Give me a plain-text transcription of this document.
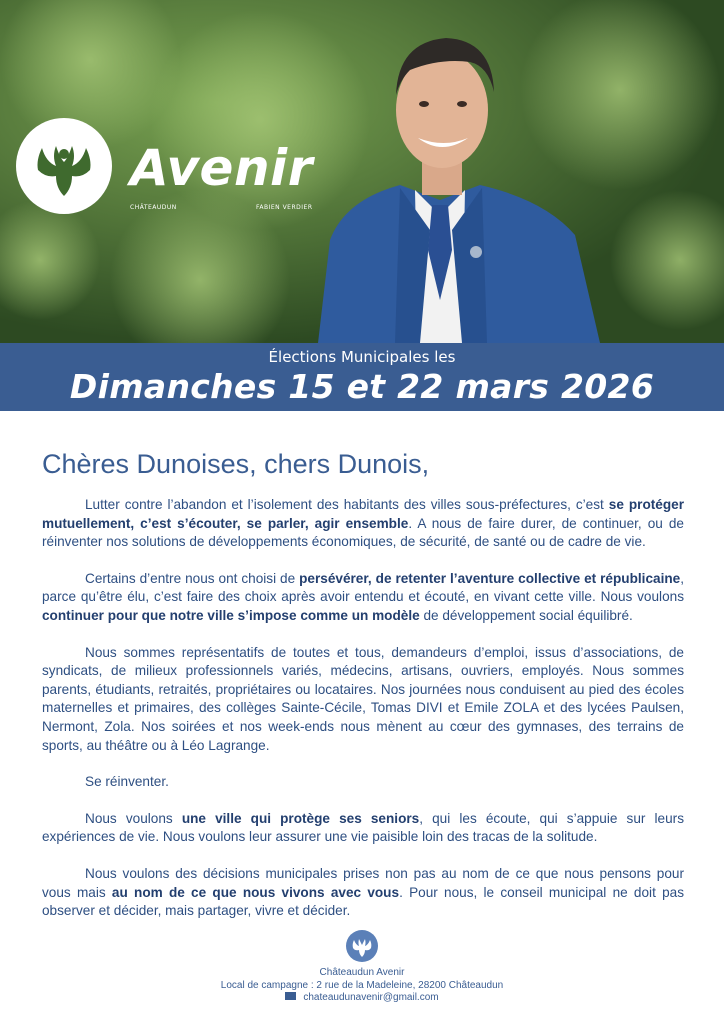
Avenir
CHÂTEAUDUN	FABIEN VERDIER
Élections Municipales les
Dimanches 15 et 22 mars 2026
Chères Dunoises, chers Dunois,

Lutter contre l’abandon et l’isolement des habitants des villes sous-préfectures, c’est se protéger mutuellement, c’est s’écouter, se parler, agir ensemble. A nous de faire durer, de continuer, ou de réinventer nos solutions de développements économiques, de sécurité, de santé ou de cadre de vie.

Certains d’entre nous ont choisi de persévérer, de retenter l’aventure collective et républicaine, parce qu’être élu, c’est faire des choix après avoir entendu et écouté, en vivant cette ville. Nous voulons continuer pour que notre ville s’impose comme un modèle de développement social équilibré.

Nous sommes représentatifs de toutes et tous, demandeurs d’emploi, issus d’associations, de syndicats, de milieux professionnels variés, médecins, artisans, ouvriers, employés. Nous sommes parents, étudiants, retraités, propriétaires ou locataires. Nos journées nous conduisent au pied des écoles maternelles et primaires, des collèges Sainte-Cécile, Tomas DIVI et Emile ZOLA et des lycées Paulsen, Nermont, Zola. Nos soirées et nos week-ends nous mènent au cœur des gymnases, des terrains de sports, au théâtre ou à Léo Lagrange.

Se réinventer.

Nous voulons une ville qui protège ses seniors, qui les écoute, qui s’appuie sur leurs expériences de vie. Nous voulons leur assurer une vie paisible loin des tracas de la solitude.

Nous voulons des décisions municipales prises non pas au nom de ce que nous pensons pour vous mais au nom de ce que nous vivons avec vous. Pour nous, le conseil municipal ne doit pas observer et décider, mais partager, vivre et décider.

Châteaudun Avenir
Local de campagne : 2 rue de la Madeleine, 28200 Châteaudun
chateaudunavenir@gmail.com
